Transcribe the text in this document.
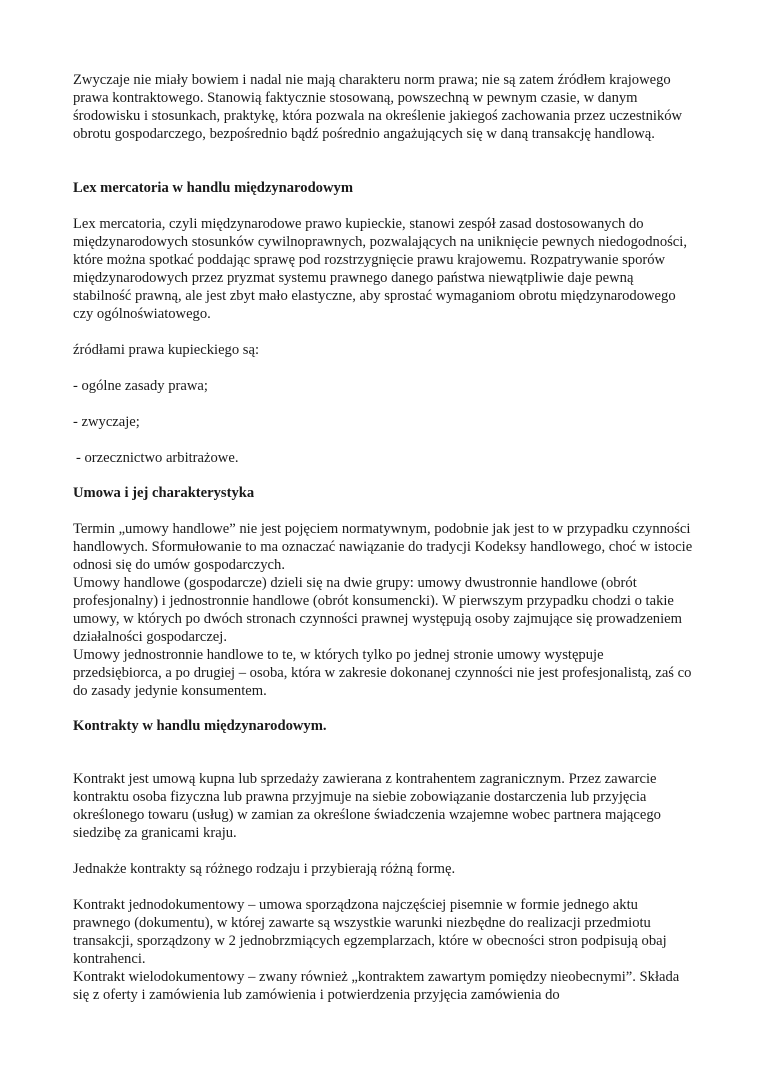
Zwyczaje nie miały bowiem i nadal nie mają charakteru norm prawa; nie są zatem źródłem krajowego prawa kontraktowego. Stanowią faktycznie stosowaną, powszechną w pewnym czasie, w danym środowisku i stosunkach, praktykę, która pozwala na określenie jakiegoś zachowania przez uczestników obrotu gospodarczego, bezpośrednio bądź pośrednio angażujących się w daną transakcję handlową.

Lex mercatoria w handlu międzynarodowym

Lex mercatoria, czyli międzynarodowe prawo kupieckie, stanowi zespół zasad dostosowanych do międzynarodowych stosunków cywilnoprawnych, pozwalających na uniknięcie pewnych niedogodności, które można spotkać poddając sprawę pod rozstrzygnięcie prawu krajowemu. Rozpatrywanie sporów międzynarodowych przez pryzmat systemu prawnego danego państwa niewątpliwie daje pewną stabilność prawną, ale jest zbyt mało elastyczne, aby sprostać wymaganiom obrotu międzynarodowego czy ogólnoświatowego.

źródłami prawa kupieckiego są:

- ogólne zasady prawa;

- zwyczaje;

- orzecznictwo arbitrażowe.

Umowa i jej charakterystyka

Termin „umowy handlowe” nie jest pojęciem normatywnym, podobnie jak jest to w przypadku czynności handlowych. Sformułowanie to ma oznaczać nawiązanie do tradycji Kodeksy handlowego, choć w istocie odnosi się do umów gospodarczych.

Umowy handlowe (gospodarcze) dzieli się na dwie grupy: umowy dwustronnie handlowe (obrót profesjonalny) i jednostronnie handlowe (obrót konsumencki). W pierwszym przypadku chodzi o takie umowy, w których po dwóch stronach czynności prawnej występują osoby zajmujące się prowadzeniem działalności gospodarczej.

Umowy jednostronnie handlowe to te, w których tylko po jednej stronie umowy występuje przedsiębiorca, a po drugiej – osoba, która w zakresie dokonanej czynności nie jest profesjonalistą, zaś co do zasady jedynie konsumentem.

Kontrakty w handlu międzynarodowym.

Kontrakt jest umową kupna lub sprzedaży zawierana z kontrahentem zagranicznym. Przez zawarcie kontraktu osoba fizyczna lub prawna przyjmuje na siebie zobowiązanie dostarczenia lub przyjęcia określonego towaru (usług) w zamian za określone świadczenia wzajemne wobec partnera mającego siedzibę za granicami kraju.

Jednakże kontrakty są różnego rodzaju i przybierają różną formę.

Kontrakt jednodokumentowy – umowa sporządzona najczęściej pisemnie w formie jednego aktu prawnego (dokumentu), w której zawarte są wszystkie warunki niezbędne do realizacji przedmiotu transakcji, sporządzony w 2 jednobrzmiących egzemplarzach, które w obecności stron podpisują obaj kontrahenci.

Kontrakt wielodokumentowy – zwany również „kontraktem zawartym pomiędzy nieobecnymi”. Składa się z oferty i zamówienia lub zamówienia i potwierdzenia przyjęcia zamówienia do
